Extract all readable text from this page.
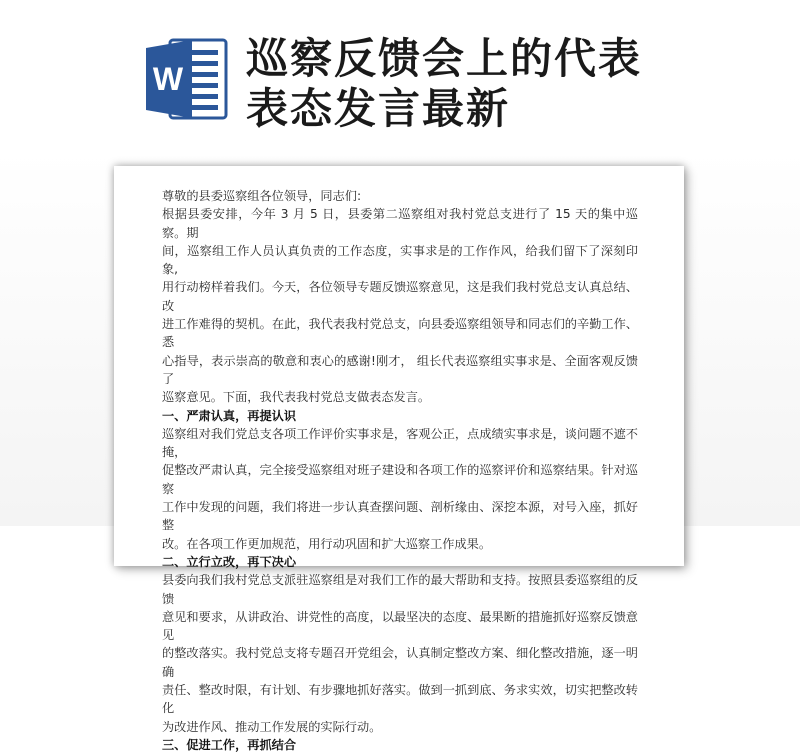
W 巡察反馈会上的代表
表态发言最新

尊敬的县委巡察组各位领导，同志们:

根据县委安排，今年 3 月 5 日，县委第二巡察组对我村党总支进行了 15 天的集中巡察。期

间，巡察组工作人员认真负责的工作态度，实事求是的工作作风，给我们留下了深刻印象,

用行动榜样着我们。今天，各位领导专题反馈巡察意见，这是我们我村党总支认真总结、改

进工作难得的契机。在此，我代表我村党总支，向县委巡察组领导和同志们的辛勤工作、悉

心指导，表示崇高的敬意和衷心的感谢!刚才， 组长代表巡察组实事求是、全面客观反馈了

巡察意见。下面，我代表我村党总支做表态发言。

一、严肃认真，再提认识

巡察组对我们党总支各项工作评价实事求是，客观公正，点成绩实事求是，谈问题不遮不掩，

促整改严肃认真，完全接受巡察组对班子建设和各项工作的巡察评价和巡察结果。针对巡察

工作中发现的问题，我们将进一步认真查摆问题、剖析缘由、深挖本源，对号入座，抓好整

改。在各项工作更加规范，用行动巩固和扩大巡察工作成果。

二、立行立改，再下决心

县委向我们我村党总支派驻巡察组是对我们工作的最大帮助和支持。按照县委巡察组的反馈

意见和要求，从讲政治、讲党性的高度，以最坚决的态度、最果断的措施抓好巡察反馈意见

的整改落实。我村党总支将专题召开党组会，认真制定整改方案、细化整改措施，逐一明确

责任、整改时限，有计划、有步骤地抓好落实。做到一抓到底、务求实效，切实把整改转化

为改进作风、推动工作发展的实际行动。

三、促进工作，再抓结合
